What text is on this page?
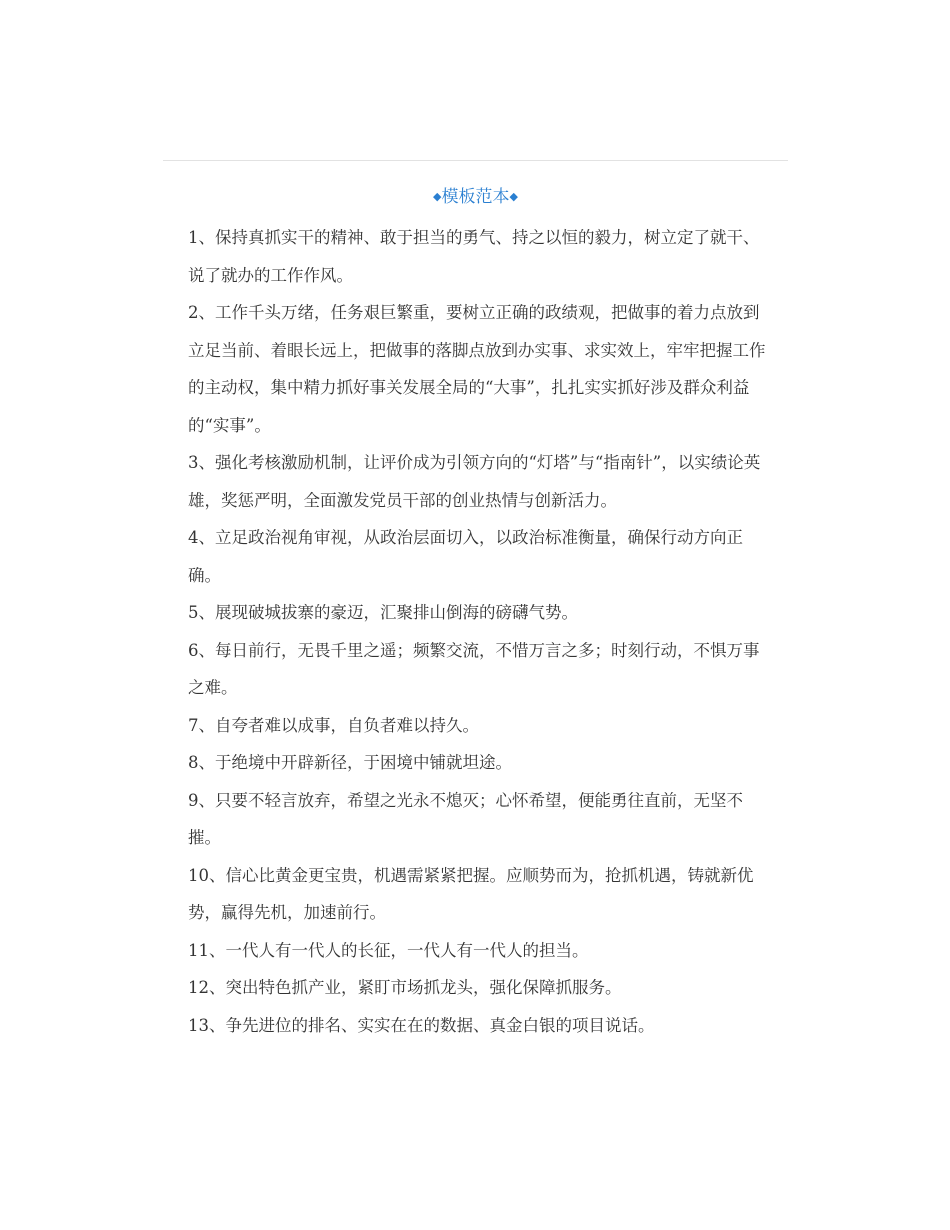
◆模板范本◆

1、保持真抓实干的精神、敢于担当的勇气、持之以恒的毅力，树立定了就干、说了就办的工作作风。

2、工作千头万绪，任务艰巨繁重，要树立正确的政绩观，把做事的着力点放到立足当前、着眼长远上，把做事的落脚点放到办实事、求实效上，牢牢把握工作的主动权，集中精力抓好事关发展全局的“大事”，扎扎实实抓好涉及群众利益的“实事”。

3、强化考核激励机制，让评价成为引领方向的“灯塔”与“指南针”，以实绩论英雄，奖惩严明，全面激发党员干部的创业热情与创新活力。

4、立足政治视角审视，从政治层面切入，以政治标准衡量，确保行动方向正确。

5、展现破城拔寨的豪迈，汇聚排山倒海的磅礴气势。

6、每日前行，无畏千里之遥；频繁交流，不惜万言之多；时刻行动，不惧万事之难。

7、自夸者难以成事，自负者难以持久。

8、于绝境中开辟新径，于困境中铺就坦途。

9、只要不轻言放弃，希望之光永不熄灭；心怀希望，便能勇往直前，无坚不摧。

10、信心比黄金更宝贵，机遇需紧紧把握。应顺势而为，抢抓机遇，铸就新优势，赢得先机，加速前行。

11、一代人有一代人的长征，一代人有一代人的担当。

12、突出特色抓产业，紧盯市场抓龙头，强化保障抓服务。

13、争先进位的排名、实实在在的数据、真金白银的项目说话。
